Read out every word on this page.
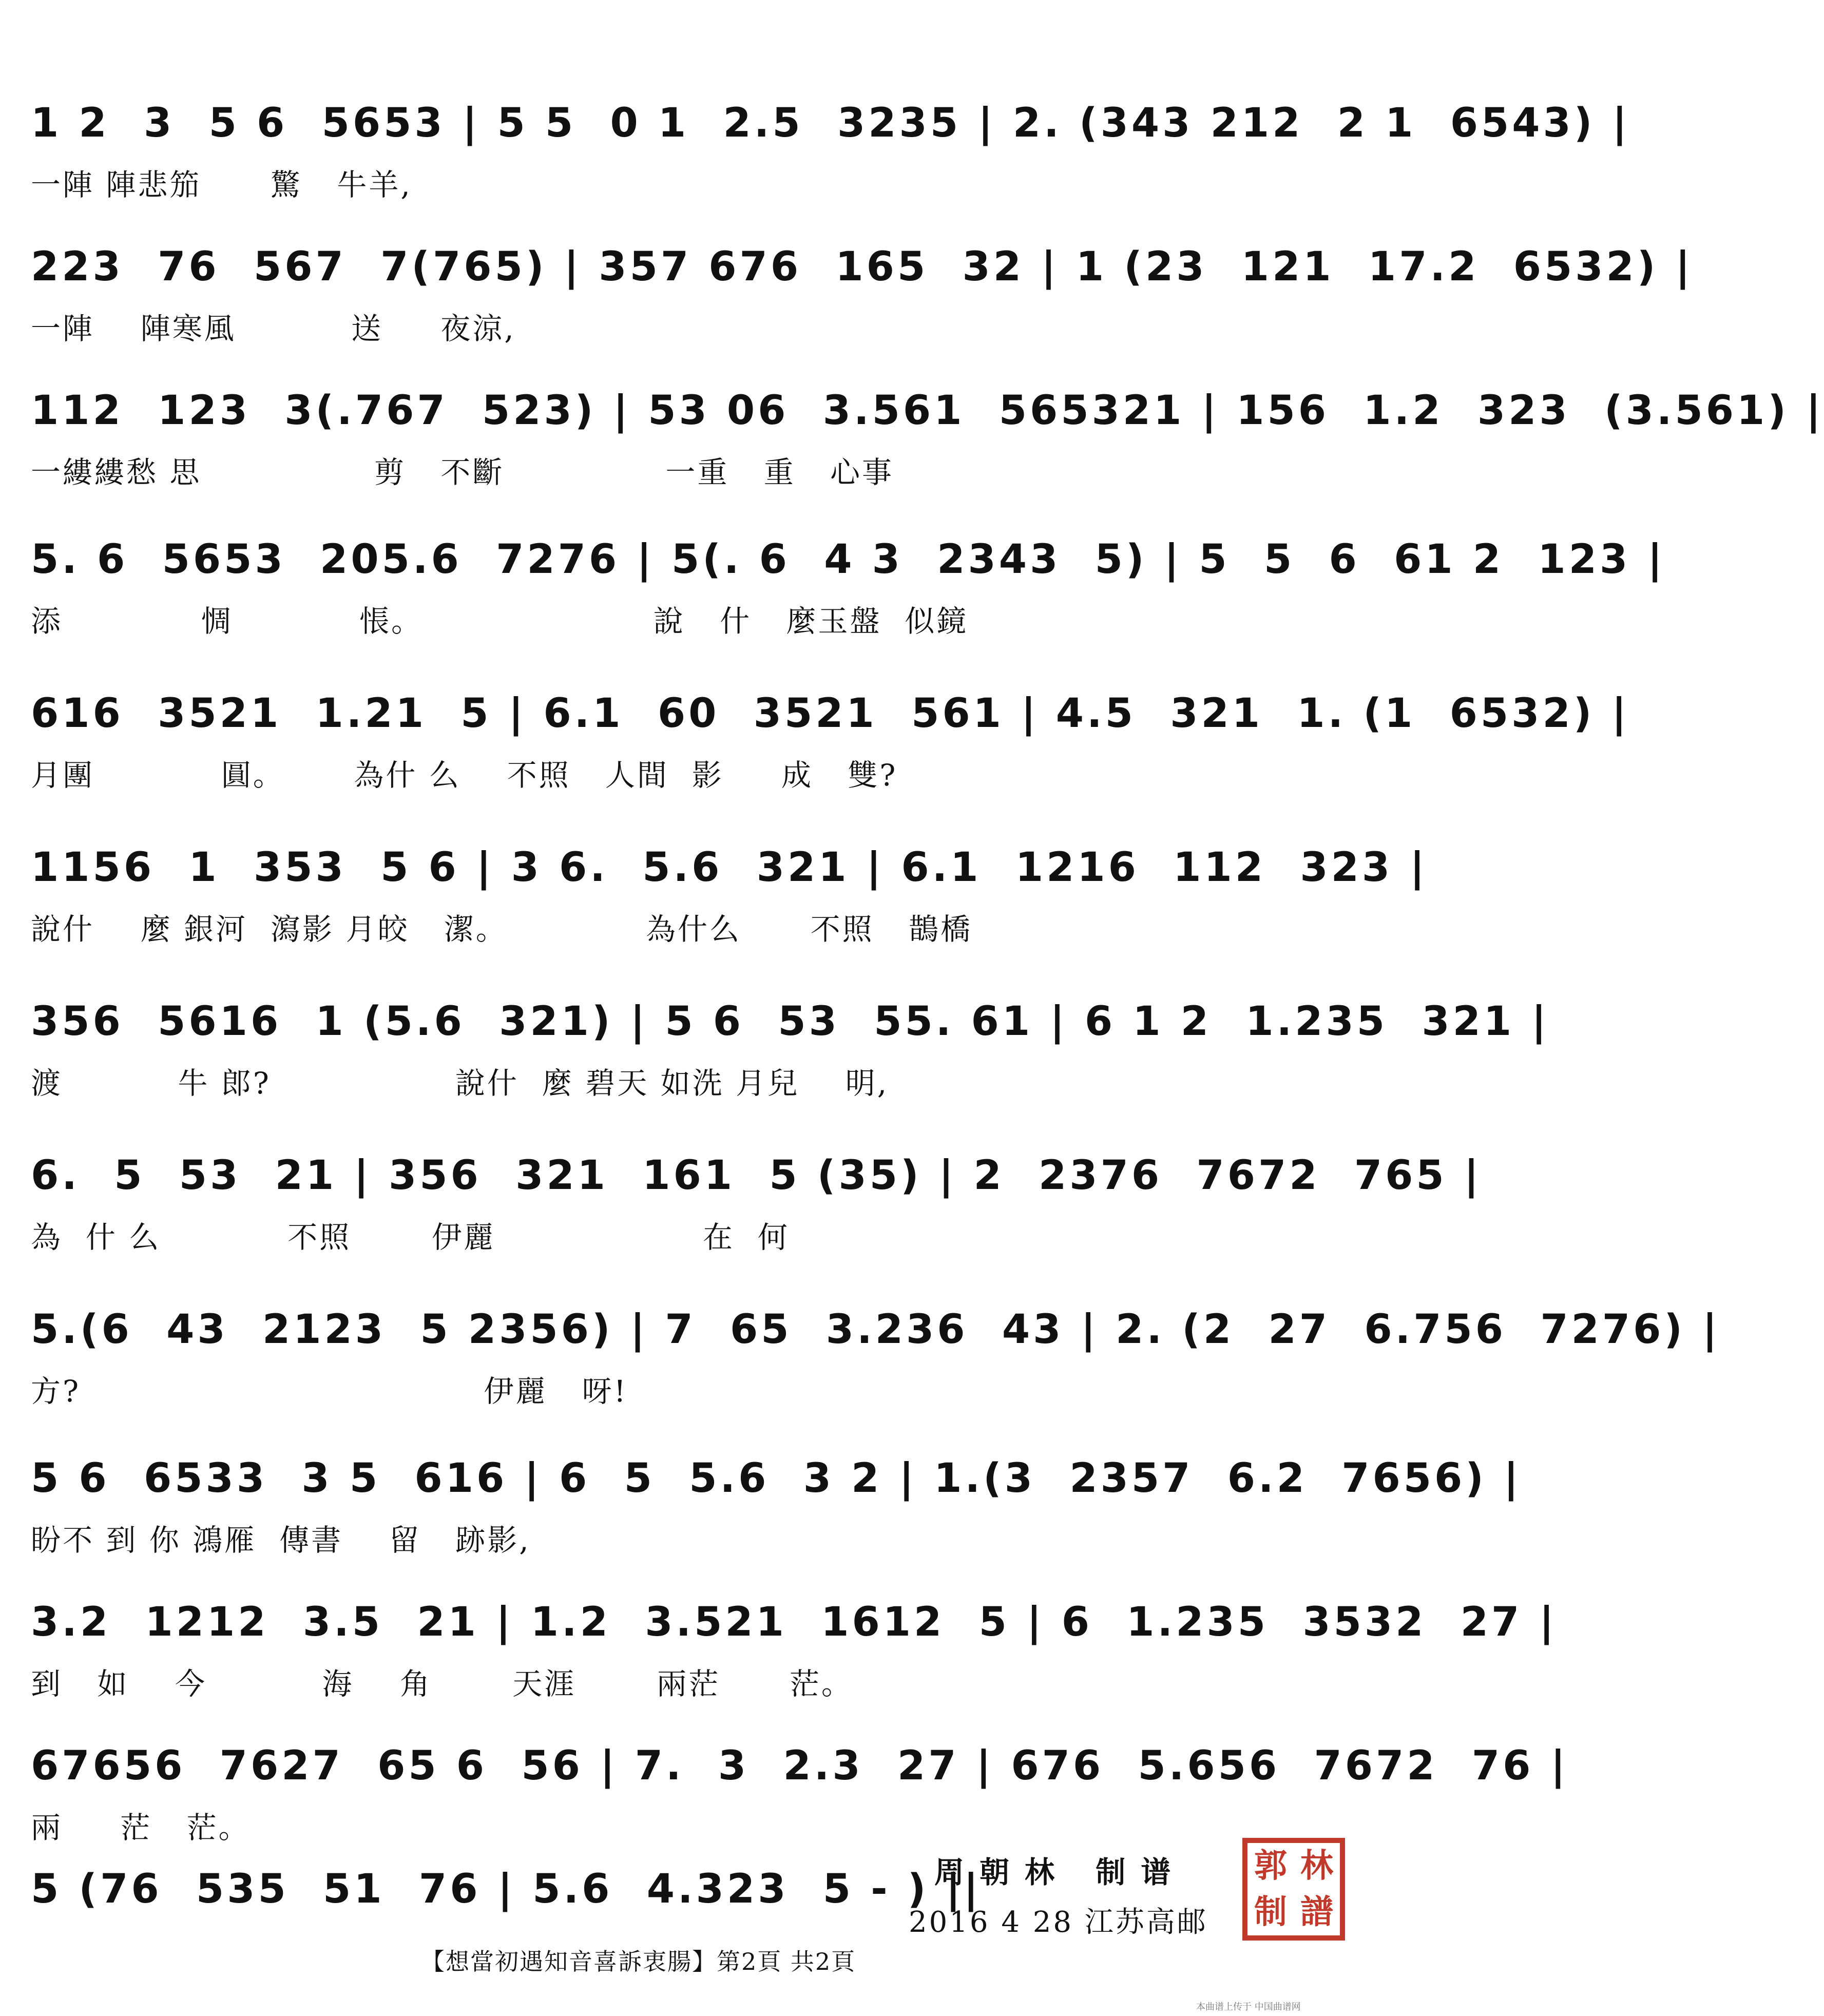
1 2  3  5 6  5653 | 5 5  0 1  2.5  3235 | 2. (343 212  2 1  6543) |
一陣 陣悲笳      驚   牛羊,
223  76  567  7(765) | 357 676  165  32 | 1 (23  121  17.2  6532) |
一陣    陣寒風          送     夜涼,
112  123  3(.767  523) | 53 06  3.561  565321 | 156  1.2  323  (3.561) |
一縷縷愁 思               剪   不斷              一重   重   心事
5. 6  5653  205.6  7276 | 5(. 6  4 3  2343  5) | 5  5  6  61 2  123 |
添            惆           悵。                    說   什   麼玉盤  似鏡
616  3521  1.21  5 | 6.1  60  3521  561 | 4.5  321  1. (1  6532) |
月團           圓。      為什 么    不照   人間  影     成   雙?
1156  1  353  5 6 | 3 6.  5.6  321 | 6.1  1216  112  323 |
說什    麼 銀河  瀉影 月皎   潔。            為什么      不照   鵲橋
356  5616  1 (5.6  321) | 5 6  53  55. 61 | 6 1 2  1.235  321 |
渡          牛 郎?                說什  麼 碧天 如洗 月兒    明,
6.  5  53  21 | 356  321  161  5 (35) | 2  2376  7672  765 |
為  什 么           不照       伊麗                  在  何
5.(6  43  2123  5 2356) | 7  65  3.236  43 | 2. (2  27  6.756  7276) |
方?                                   伊麗   呀!
5 6  6533  3 5  616 | 6  5  5.6  3 2 | 1.(3  2357  6.2  7656) |
盼不 到 你 鴻雁  傳書    留   跡影,
3.2  1212  3.5  21 | 1.2  3.521  1612  5 | 6  1.235  3532  27 |
到   如    今          海    角       天涯       兩茫      茫。
67656  7627  65 6  56 | 7.  3  2.3  27 | 676  5.656  7672  76 |
兩     茫   茫。
5 (76  535  51  76 | 5.6  4.323  5 - ) ||
周朝林 制谱
2016 4 28 江苏高邮
【想當初遇知音喜訴衷腸】第2頁 共2頁
郭 林
制 譜
本曲谱上传于 中国曲谱网
